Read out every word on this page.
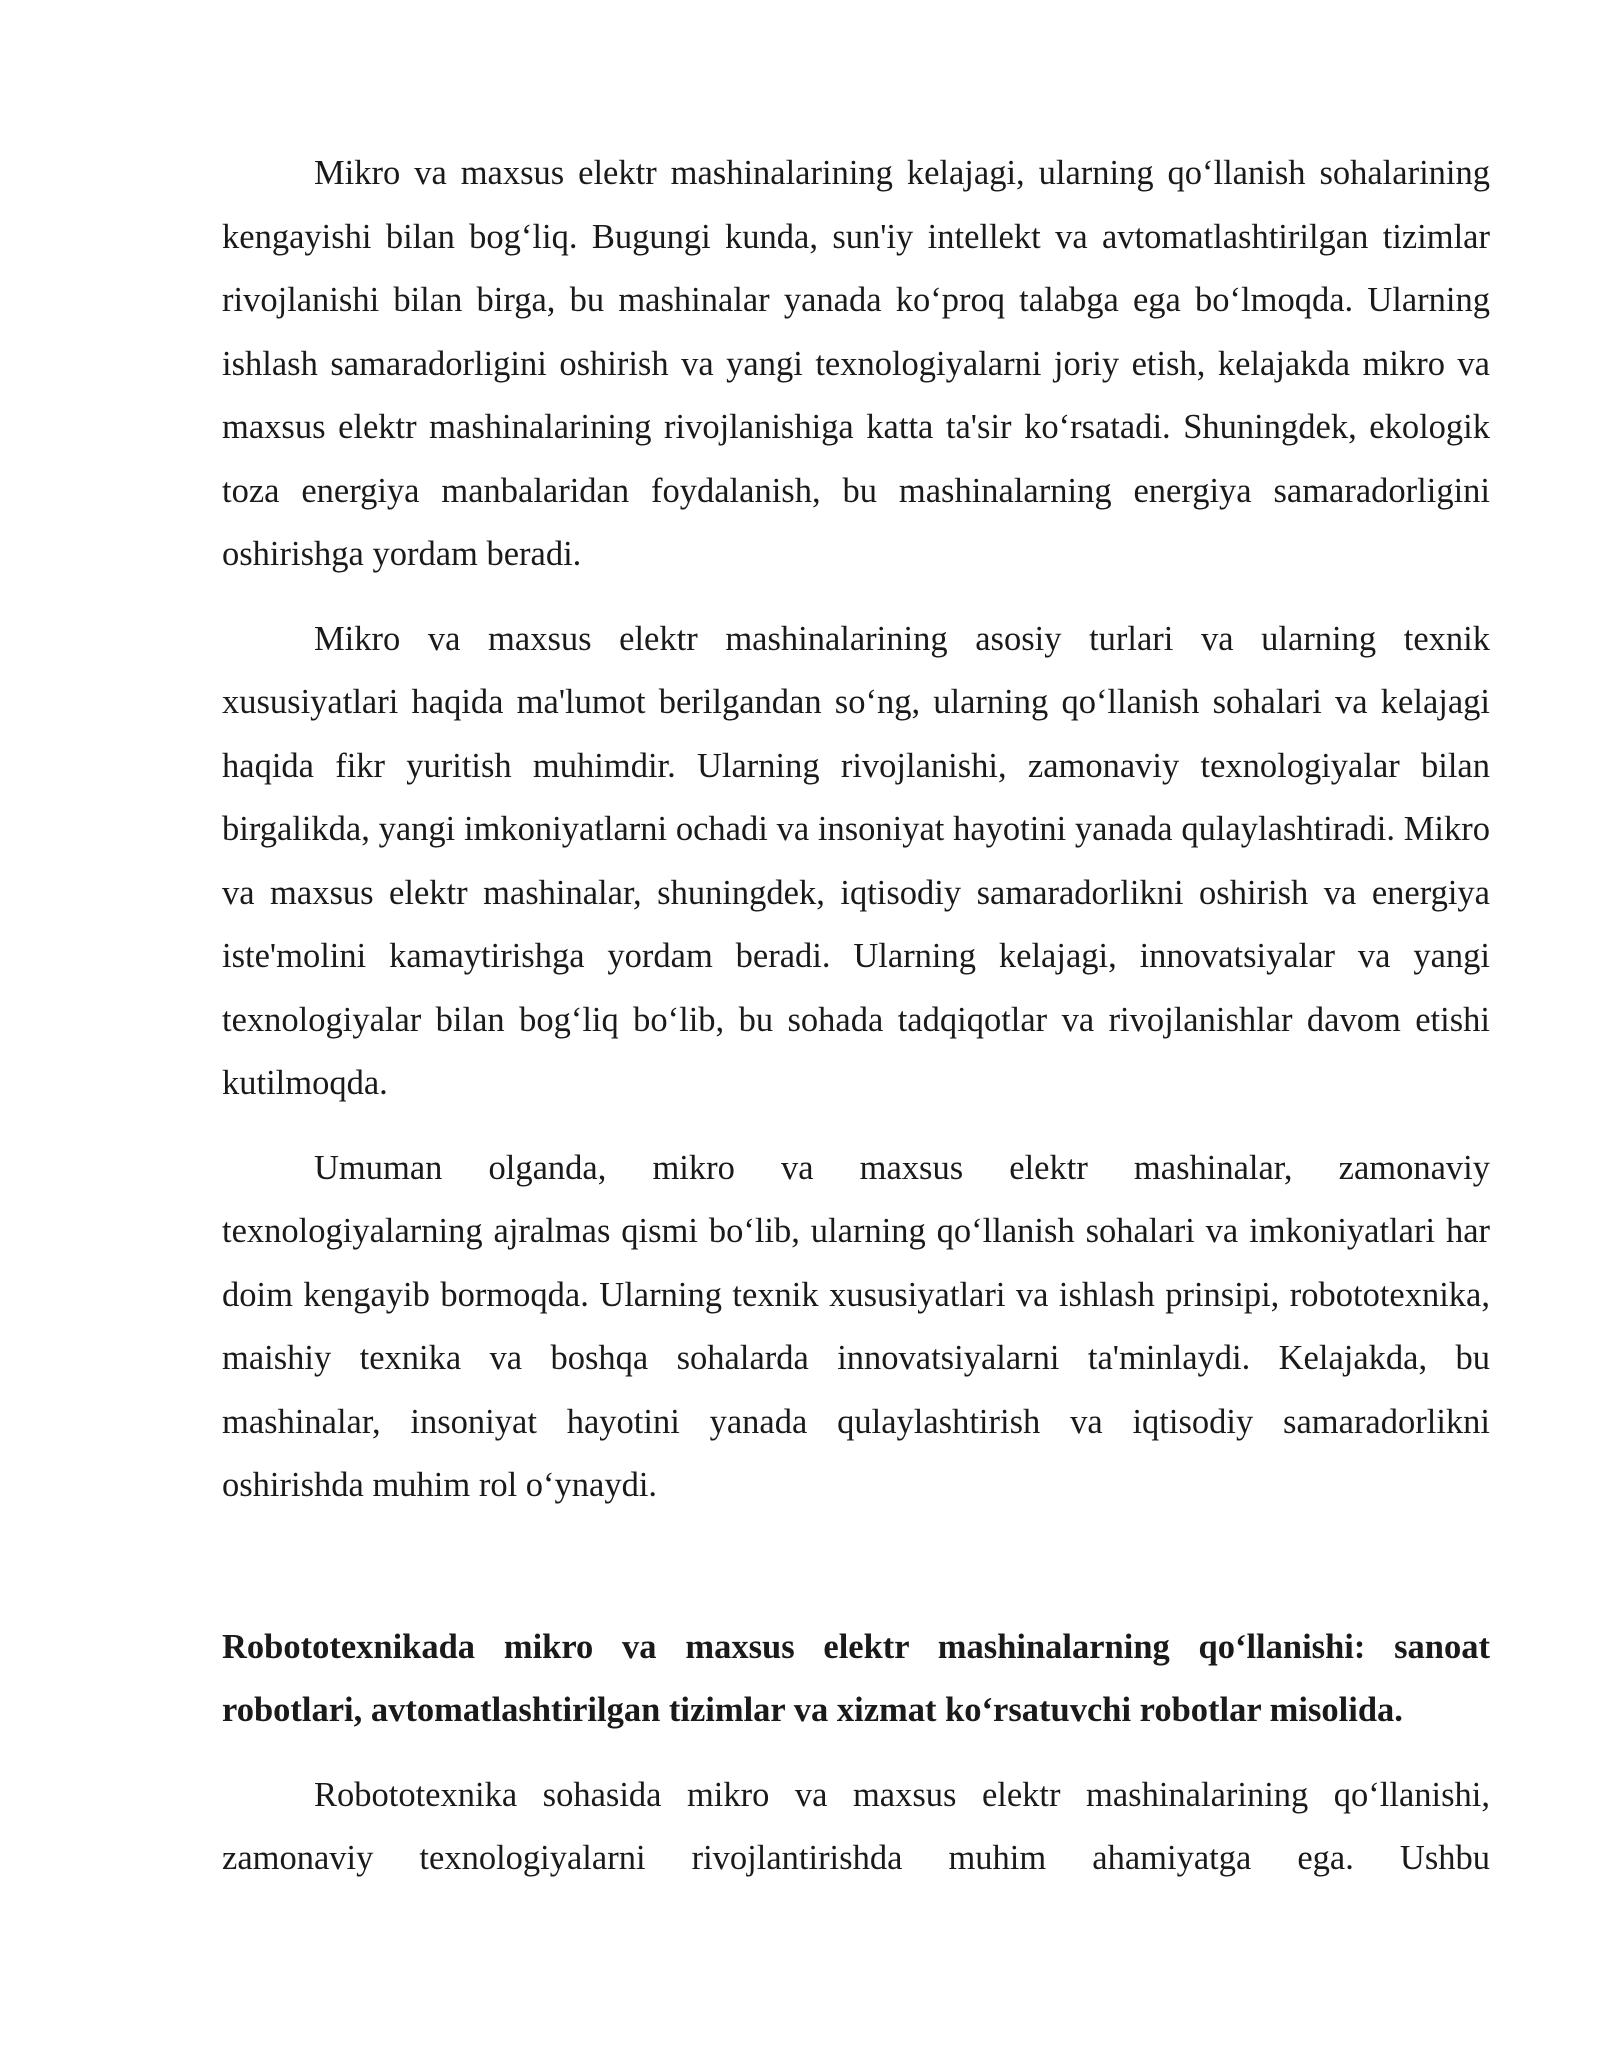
Mikro va maxsus elektr mashinalarining kelajagi, ularning qo‘llanish sohalarining kengayishi bilan bog‘liq. Bugungi kunda, sun'iy intellekt va avtomatlashtirilgan tizimlar rivojlanishi bilan birga, bu mashinalar yanada ko‘proq talabga ega bo‘lmoqda. Ularning ishlash samaradorligini oshirish va yangi texnologiyalarni joriy etish, kelajakda mikro va maxsus elektr mashinalarining rivojlanishiga katta ta'sir ko‘rsatadi. Shuningdek, ekologik toza energiya manbalaridan foydalanish, bu mashinalarning energiya samaradorligini oshirishga yordam beradi.

Mikro va maxsus elektr mashinalarining asosiy turlari va ularning texnik xususiyatlari haqida ma'lumot berilgandan so‘ng, ularning qo‘llanish sohalari va kelajagi haqida fikr yuritish muhimdir. Ularning rivojlanishi, zamonaviy texnologiyalar bilan birgalikda, yangi imkoniyatlarni ochadi va insoniyat hayotini yanada qulaylashtiradi. Mikro va maxsus elektr mashinalar, shuningdek, iqtisodiy samaradorlikni oshirish va energiya iste'molini kamaytirishga yordam beradi. Ularning kelajagi, innovatsiyalar va yangi texnologiyalar bilan bog‘liq bo‘lib, bu sohada tadqiqotlar va rivojlanishlar davom etishi kutilmoqda.

Umuman olganda, mikro va maxsus elektr mashinalar, zamonaviy texnologiyalarning ajralmas qismi bo‘lib, ularning qo‘llanish sohalari va imkoniyatlari har doim kengayib bormoqda. Ularning texnik xususiyatlari va ishlash prinsipi, robototexnika, maishiy texnika va boshqa sohalarda innovatsiyalarni ta'minlaydi. Kelajakda, bu mashinalar, insoniyat hayotini yanada qulaylashtirish va iqtisodiy samaradorlikni oshirishda muhim rol o‘ynaydi.

Robototexnikada mikro va maxsus elektr mashinalarning qo‘llanishi: sanoat robotlari, avtomatlashtirilgan tizimlar va xizmat ko‘rsatuvchi robotlar misolida.

Robototexnika sohasida mikro va maxsus elektr mashinalarining qo‘llanishi, zamonaviy texnologiyalarni rivojlantirishda muhim ahamiyatga ega. Ushbu
